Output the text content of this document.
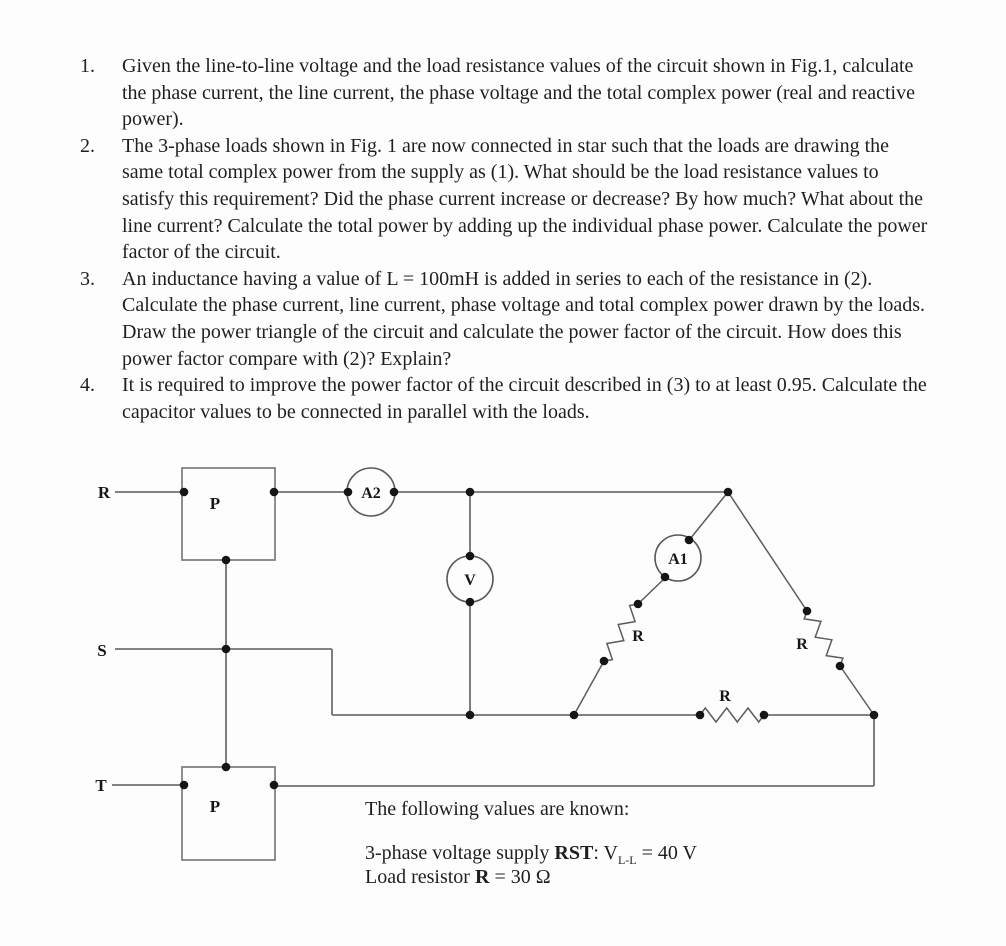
1.	Given the line-to-line voltage and the load resistance values of the circuit shown in Fig.1, calculate the phase current, the line current, the phase voltage and the total complex power (real and reactive power).
2.	The 3-phase loads shown in Fig. 1 are now connected in star such that the loads are drawing the same total complex power from the supply as (1). What should be the load resistance values to satisfy this requirement? Did the phase current increase or decrease? By how much? What about the line current? Calculate the total power by adding up the individual phase power. Calculate the power factor of the circuit.
3.	An inductance having a value of L = 100mH is added in series to each of the resistance in (2). Calculate the phase current, line current, phase voltage and total complex power drawn by the loads. Draw the power triangle of the circuit and calculate the power factor of the circuit. How does this power factor compare with (2)? Explain?
4.	It is required to improve the power factor of the circuit described in (3) to at least 0.95. Calculate the capacitor values to be connected in parallel with the loads.
R
S
T
P
P
A2
V
A1
R	R
R

The following values are known:

3-phase voltage supply RST: $V_{L-L} = 40$ V

Load resistor R = 30 Ω
